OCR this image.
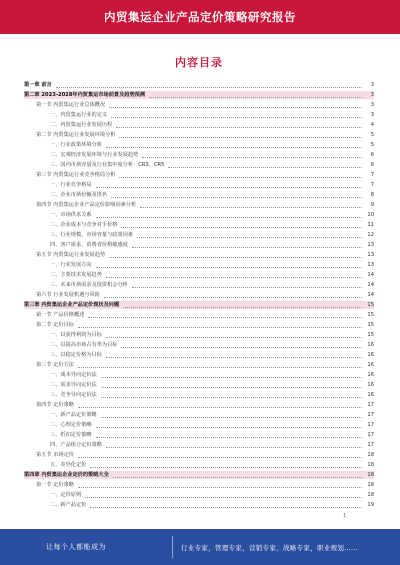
内贸集运企业产品定价策略研究报告
内容目录
第一章 前言	3
第二章 2023-2028年内贸集运市场前景及趋势预测	3
第一节 内贸集运行业总体概况	3
一、内贸集运行业的定义	3
二、内贸集运行业发展历程	4
第二节 内贸集运行业发展环境分析	5
一、行业政策环境分析	5
二、宏观经济发展环境与行业发展趋势	6
三、国内市场容量及行业集中度分析：CR3、CR5	6
第三节 内贸集运行业竞争格局分析	7
一、行业竞争格局	7
二、企业市场份额及排名	8
第四节 内贸集运企业产品定价影响因素分析	9
一、市场供求关系	10
二、企业成本与竞争对手价格	11
三、行业规模、市场容量与政策因素	12
四、客户需求、消费者价格敏感度	13
第五节 内贸集运行业发展趋势	13
一、行业发展方向	13
二、主要技术发展趋势	14
三、未来市场需求及投资机会分析	14
第六节 行业发展机遇与风险	14
第三章 内贸集运企业产品定价现状及问题	15
第一节 产品价格概述	15
第二节 定价目标	15
一、以获得利润为目标	15
二、以提高市场占有率为目标	16
三、以稳定价格为目标	16
第三节 定价方法	16
一、成本导向定价法	16
二、需求导向定价法	16
三、竞争导向定价法	16
第四节 定价策略	17
一、新产品定价策略	17
二、心理定价策略	17
三、折扣定价策略	17
四、产品组合定价策略	17
第五节 市场定价	18
五、差异化定价	18
第四章 内贸集运企业定价的策略大全	18
第一节 定价策略	18
一、定价原则	18
二、新产品定价	19
1
让每个人都能成为	行业专家，管理专家，营销专家，战略专家，职业规划……
